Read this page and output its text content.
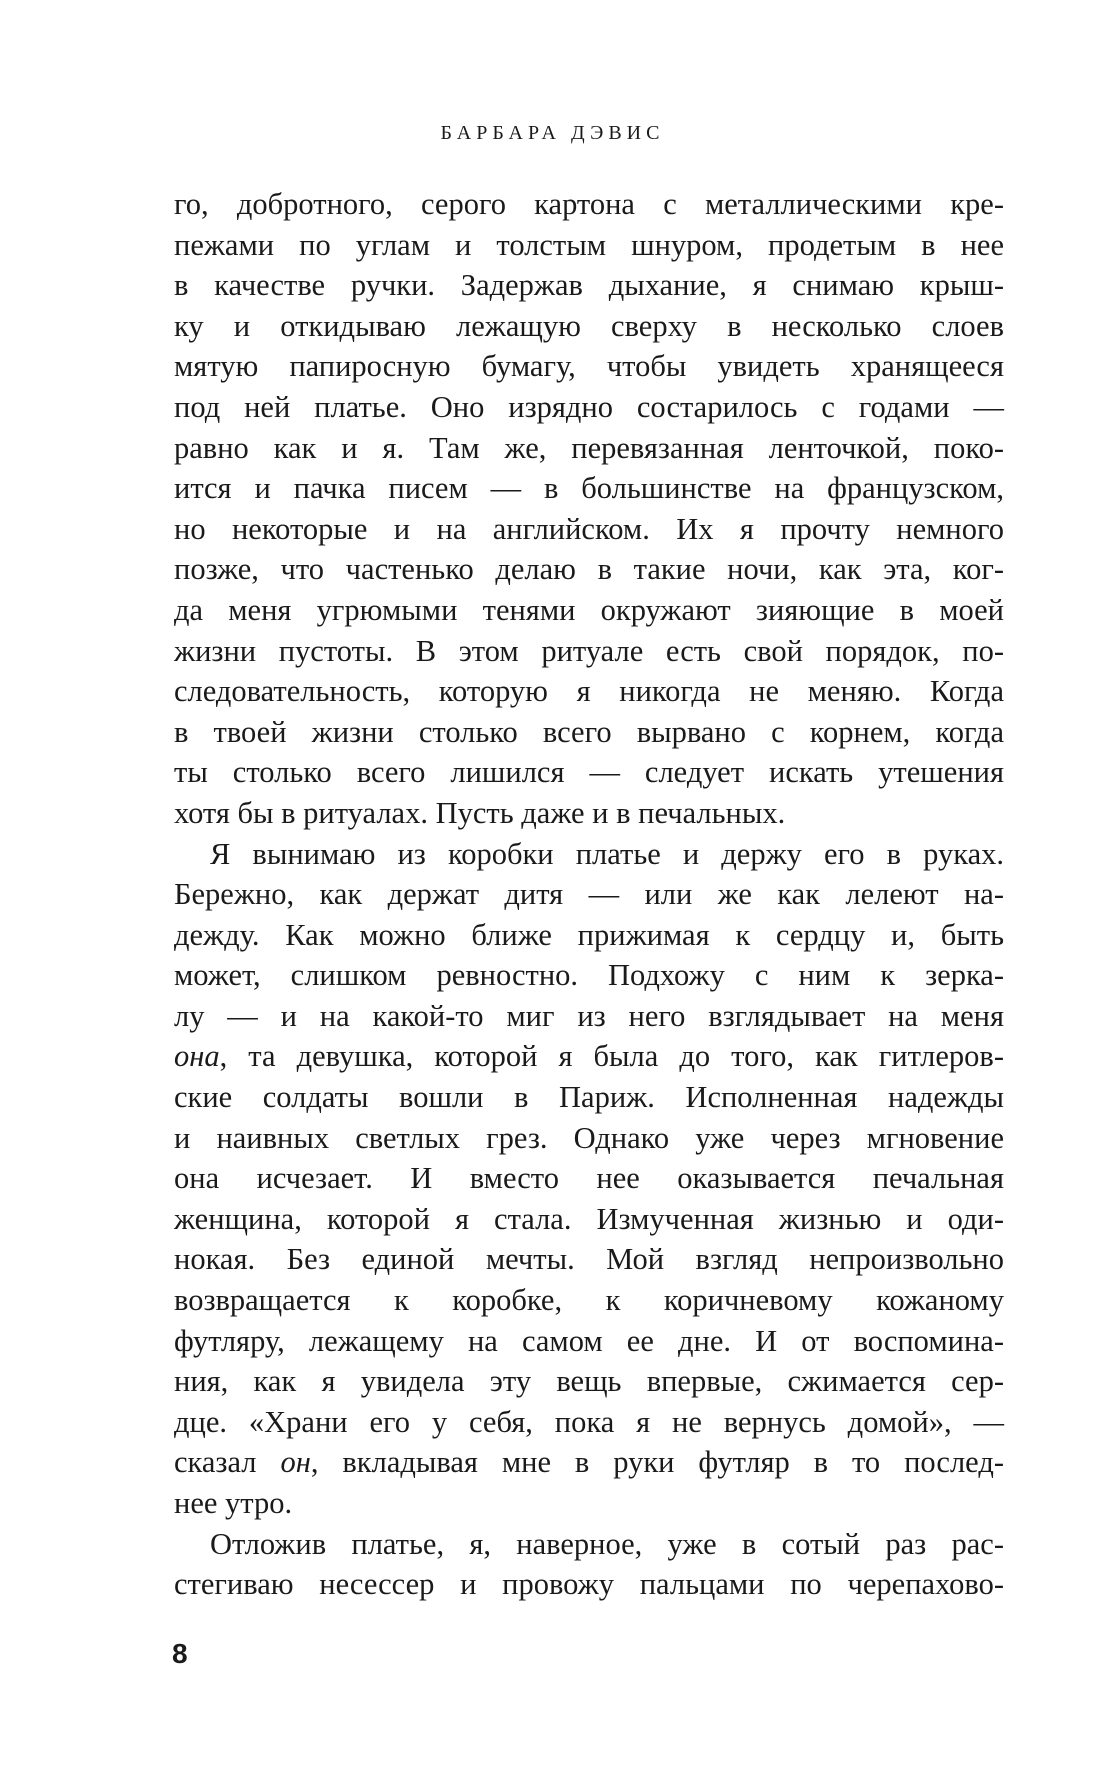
БАРБАРА ДЭВИС
го, добротного, серого картона с металлическими кре-
пежами по углам и толстым шнуром, продетым в нее
в качестве ручки. Задержав дыхание, я снимаю крыш-
ку и откидываю лежащую сверху в несколько слоев
мятую папиросную бумагу, чтобы увидеть хранящееся
под ней платье. Оно изрядно состарилось с годами —
равно как и я. Там же, перевязанная ленточкой, поко-
ится и пачка писем — в большинстве на французском,
но некоторые и на английском. Их я прочту немного
позже, что частенько делаю в такие ночи, как эта, ког-
да меня угрюмыми тенями окружают зияющие в моей
жизни пустоты. В этом ритуале есть свой порядок, по-
следовательность, которую я никогда не меняю. Когда
в твоей жизни столько всего вырвано с корнем, когда
ты столько всего лишился — следует искать утешения
хотя бы в ритуалах. Пусть даже и в печальных.
Я вынимаю из коробки платье и держу его в руках.
Бережно, как держат дитя — или же как лелеют на-
дежду. Как можно ближе прижимая к сердцу и, быть
может, слишком ревностно. Подхожу с ним к зерка-
лу — и на какой-то миг из него взглядывает на меня
она, та девушка, которой я была до того, как гитлеров-
ские солдаты вошли в Париж. Исполненная надежды
и наивных светлых грез. Однако уже через мгновение
она исчезает. И вместо нее оказывается печальная
женщина, которой я стала. Измученная жизнью и оди-
нокая. Без единой мечты. Мой взгляд непроизвольно
возвращается к коробке, к коричневому кожаному
футляру, лежащему на самом ее дне. И от воспомина-
ния, как я увидела эту вещь впервые, сжимается сер-
дце. «Храни его у себя, пока я не вернусь домой», —
сказал он, вкладывая мне в руки футляр в то послед-
нее утро.
Отложив платье, я, наверное, уже в сотый раз рас-
стегиваю несессер и провожу пальцами по черепахово-
8
